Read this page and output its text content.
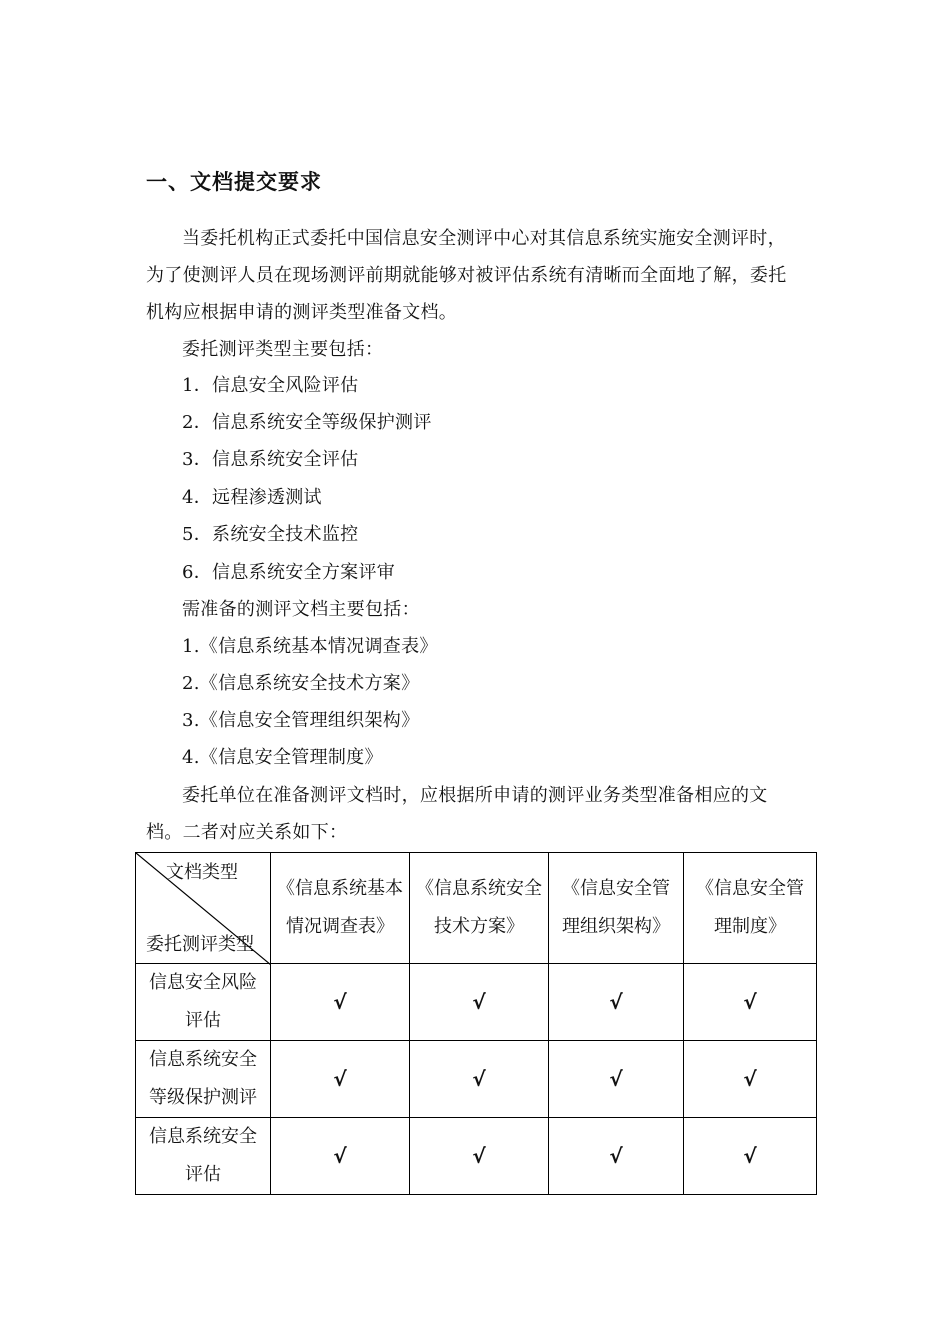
一、文档提交要求
当委托机构正式委托中国信息安全测评中心对其信息系统实施安全测评时，
为了使测评人员在现场测评前期就能够对被评估系统有清晰而全面地了解，委托
机构应根据申请的测评类型准备文档。
委托测评类型主要包括：
1．信息安全风险评估
2．信息系统安全等级保护测评
3．信息系统安全评估
4．远程渗透测试
5．系统安全技术监控
6．信息系统安全方案评审
需准备的测评文档主要包括：
1.《信息系统基本情况调查表》
2.《信息系统安全技术方案》
3.《信息安全管理组织架构》
4.《信息安全管理制度》
委托单位在准备测评文档时，应根据所申请的测评业务类型准备相应的文
档。二者对应关系如下：
文档类型
委托测评类型	《信息系统基本情况调查表》	《信息系统安全技术方案》	《信息安全管理组织架构》	《信息安全管理制度》
信息安全风险评估	√	√	√	√
信息系统安全等级保护测评	√	√	√	√
信息系统安全评估	√	√	√	√
